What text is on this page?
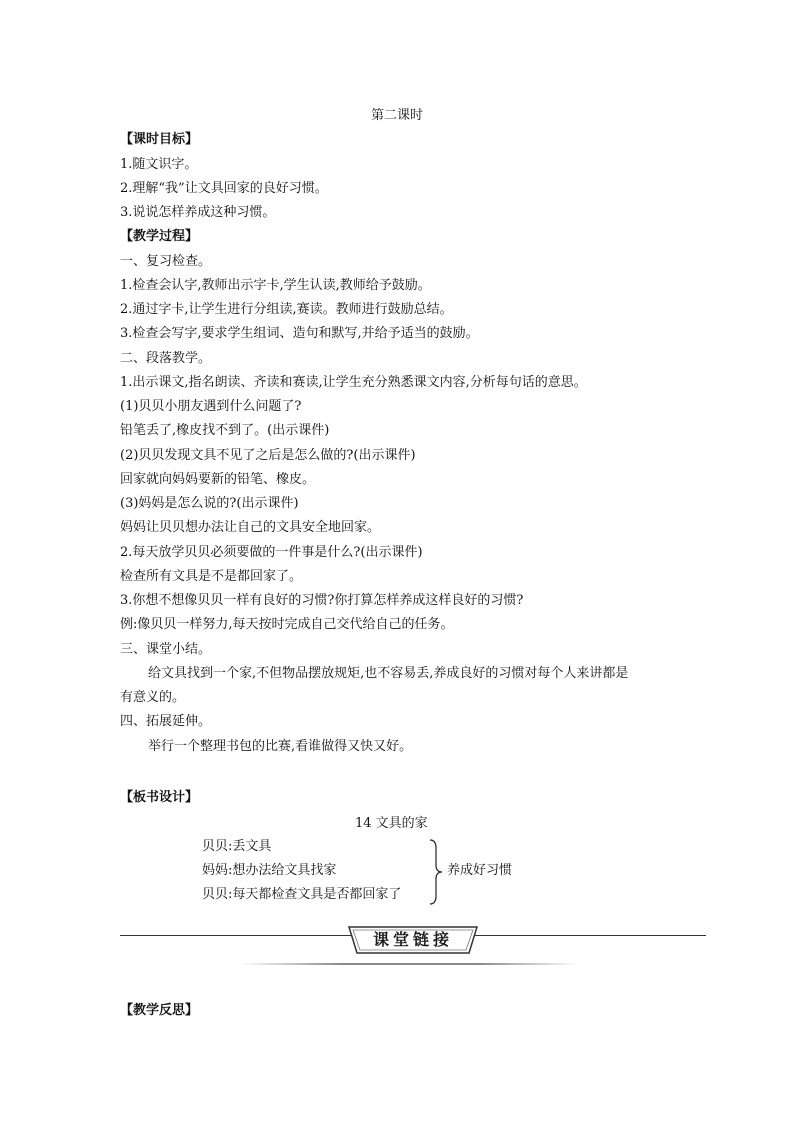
第二课时
【课时目标】
1.随文识字。
2.理解“我”让文具回家的良好习惯。
3.说说怎样养成这种习惯。
【教学过程】
一、复习检查。
1.检查会认字,教师出示字卡,学生认读,教师给予鼓励。
2.通过字卡,让学生进行分组读,赛读。教师进行鼓励总结。
3.检查会写字,要求学生组词、造句和默写,并给予适当的鼓励。
二、段落教学。
1.出示课文,指名朗读、齐读和赛读,让学生充分熟悉课文内容,分析每句话的意思。
(1)贝贝小朋友遇到什么问题了?
铅笔丢了,橡皮找不到了。(出示课件)
(2)贝贝发现文具不见了之后是怎么做的?(出示课件)
回家就向妈妈要新的铅笔、橡皮。
(3)妈妈是怎么说的?(出示课件)
妈妈让贝贝想办法让自己的文具安全地回家。
2.每天放学贝贝必须要做的一件事是什么?(出示课件)
检查所有文具是不是都回家了。
3.你想不想像贝贝一样有良好的习惯?你打算怎样养成这样良好的习惯?
例:像贝贝一样努力,每天按时完成自己交代给自己的任务。
三、课堂小结。
给文具找到一个家,不但物品摆放规矩,也不容易丢,养成良好的习惯对每个人来讲都是
有意义的。
四、拓展延伸。
举行一个整理书包的比赛,看谁做得又快又好。
【板书设计】
14 文具的家
贝贝:丢文具
妈妈:想办法给文具找家
贝贝:每天都检查文具是否都回家了
养成好习惯
课堂链接
【教学反思】
